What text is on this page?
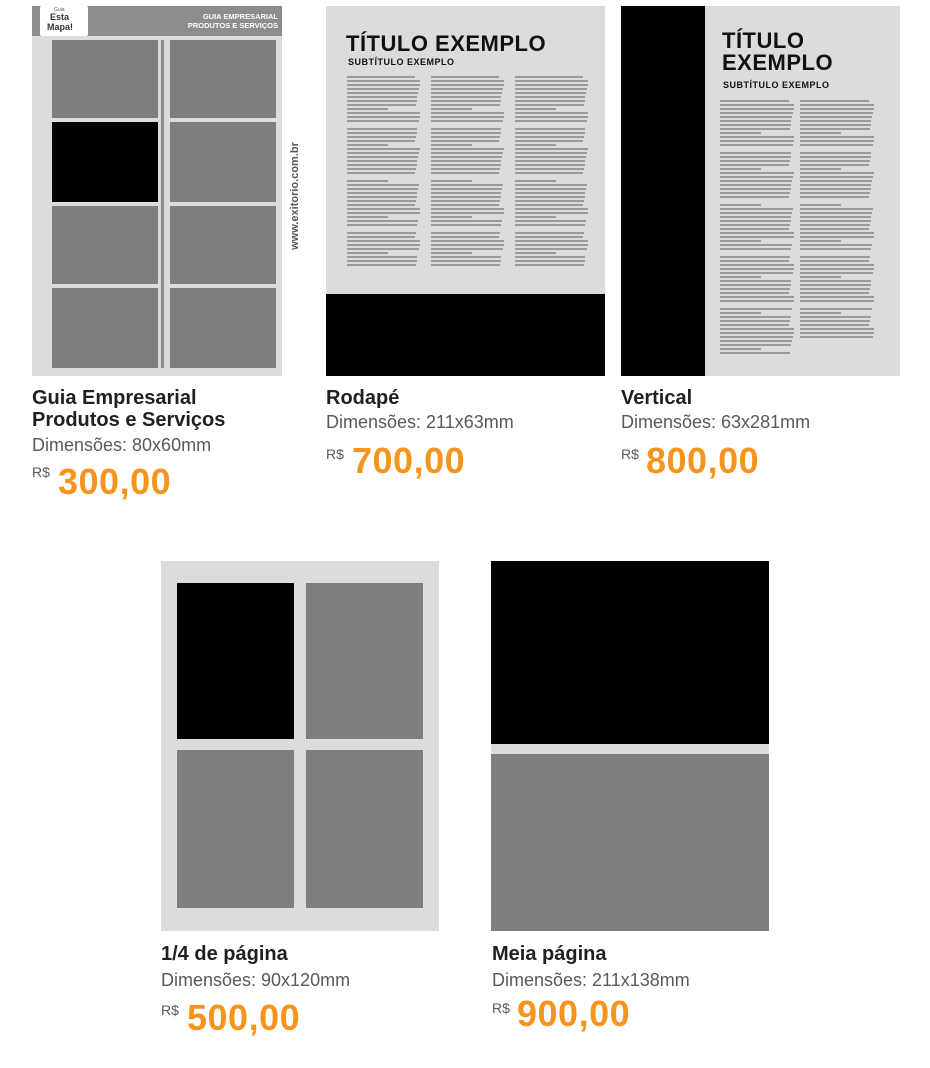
Guia
Esta
Mapa!
GUIA EMPRESARIAL
PRODUTOS E SERVIÇOS
www.exitorio.com.br
Guia Empresarial
Produtos e Serviços
Dimensões: 80x60mm
R$ 300,00
TÍTULO EXEMPLO
SUBTÍTULO EXEMPLO
Rodapé
Dimensões: 211x63mm
R$ 700,00
TÍTULO
EXEMPLO
SUBTÍTULO EXEMPLO
Vertical
Dimensões: 63x281mm
R$ 800,00
1/4 de página
Dimensões: 90x120mm
R$ 500,00
Meia página
Dimensões: 211x138mm
R$ 900,00
